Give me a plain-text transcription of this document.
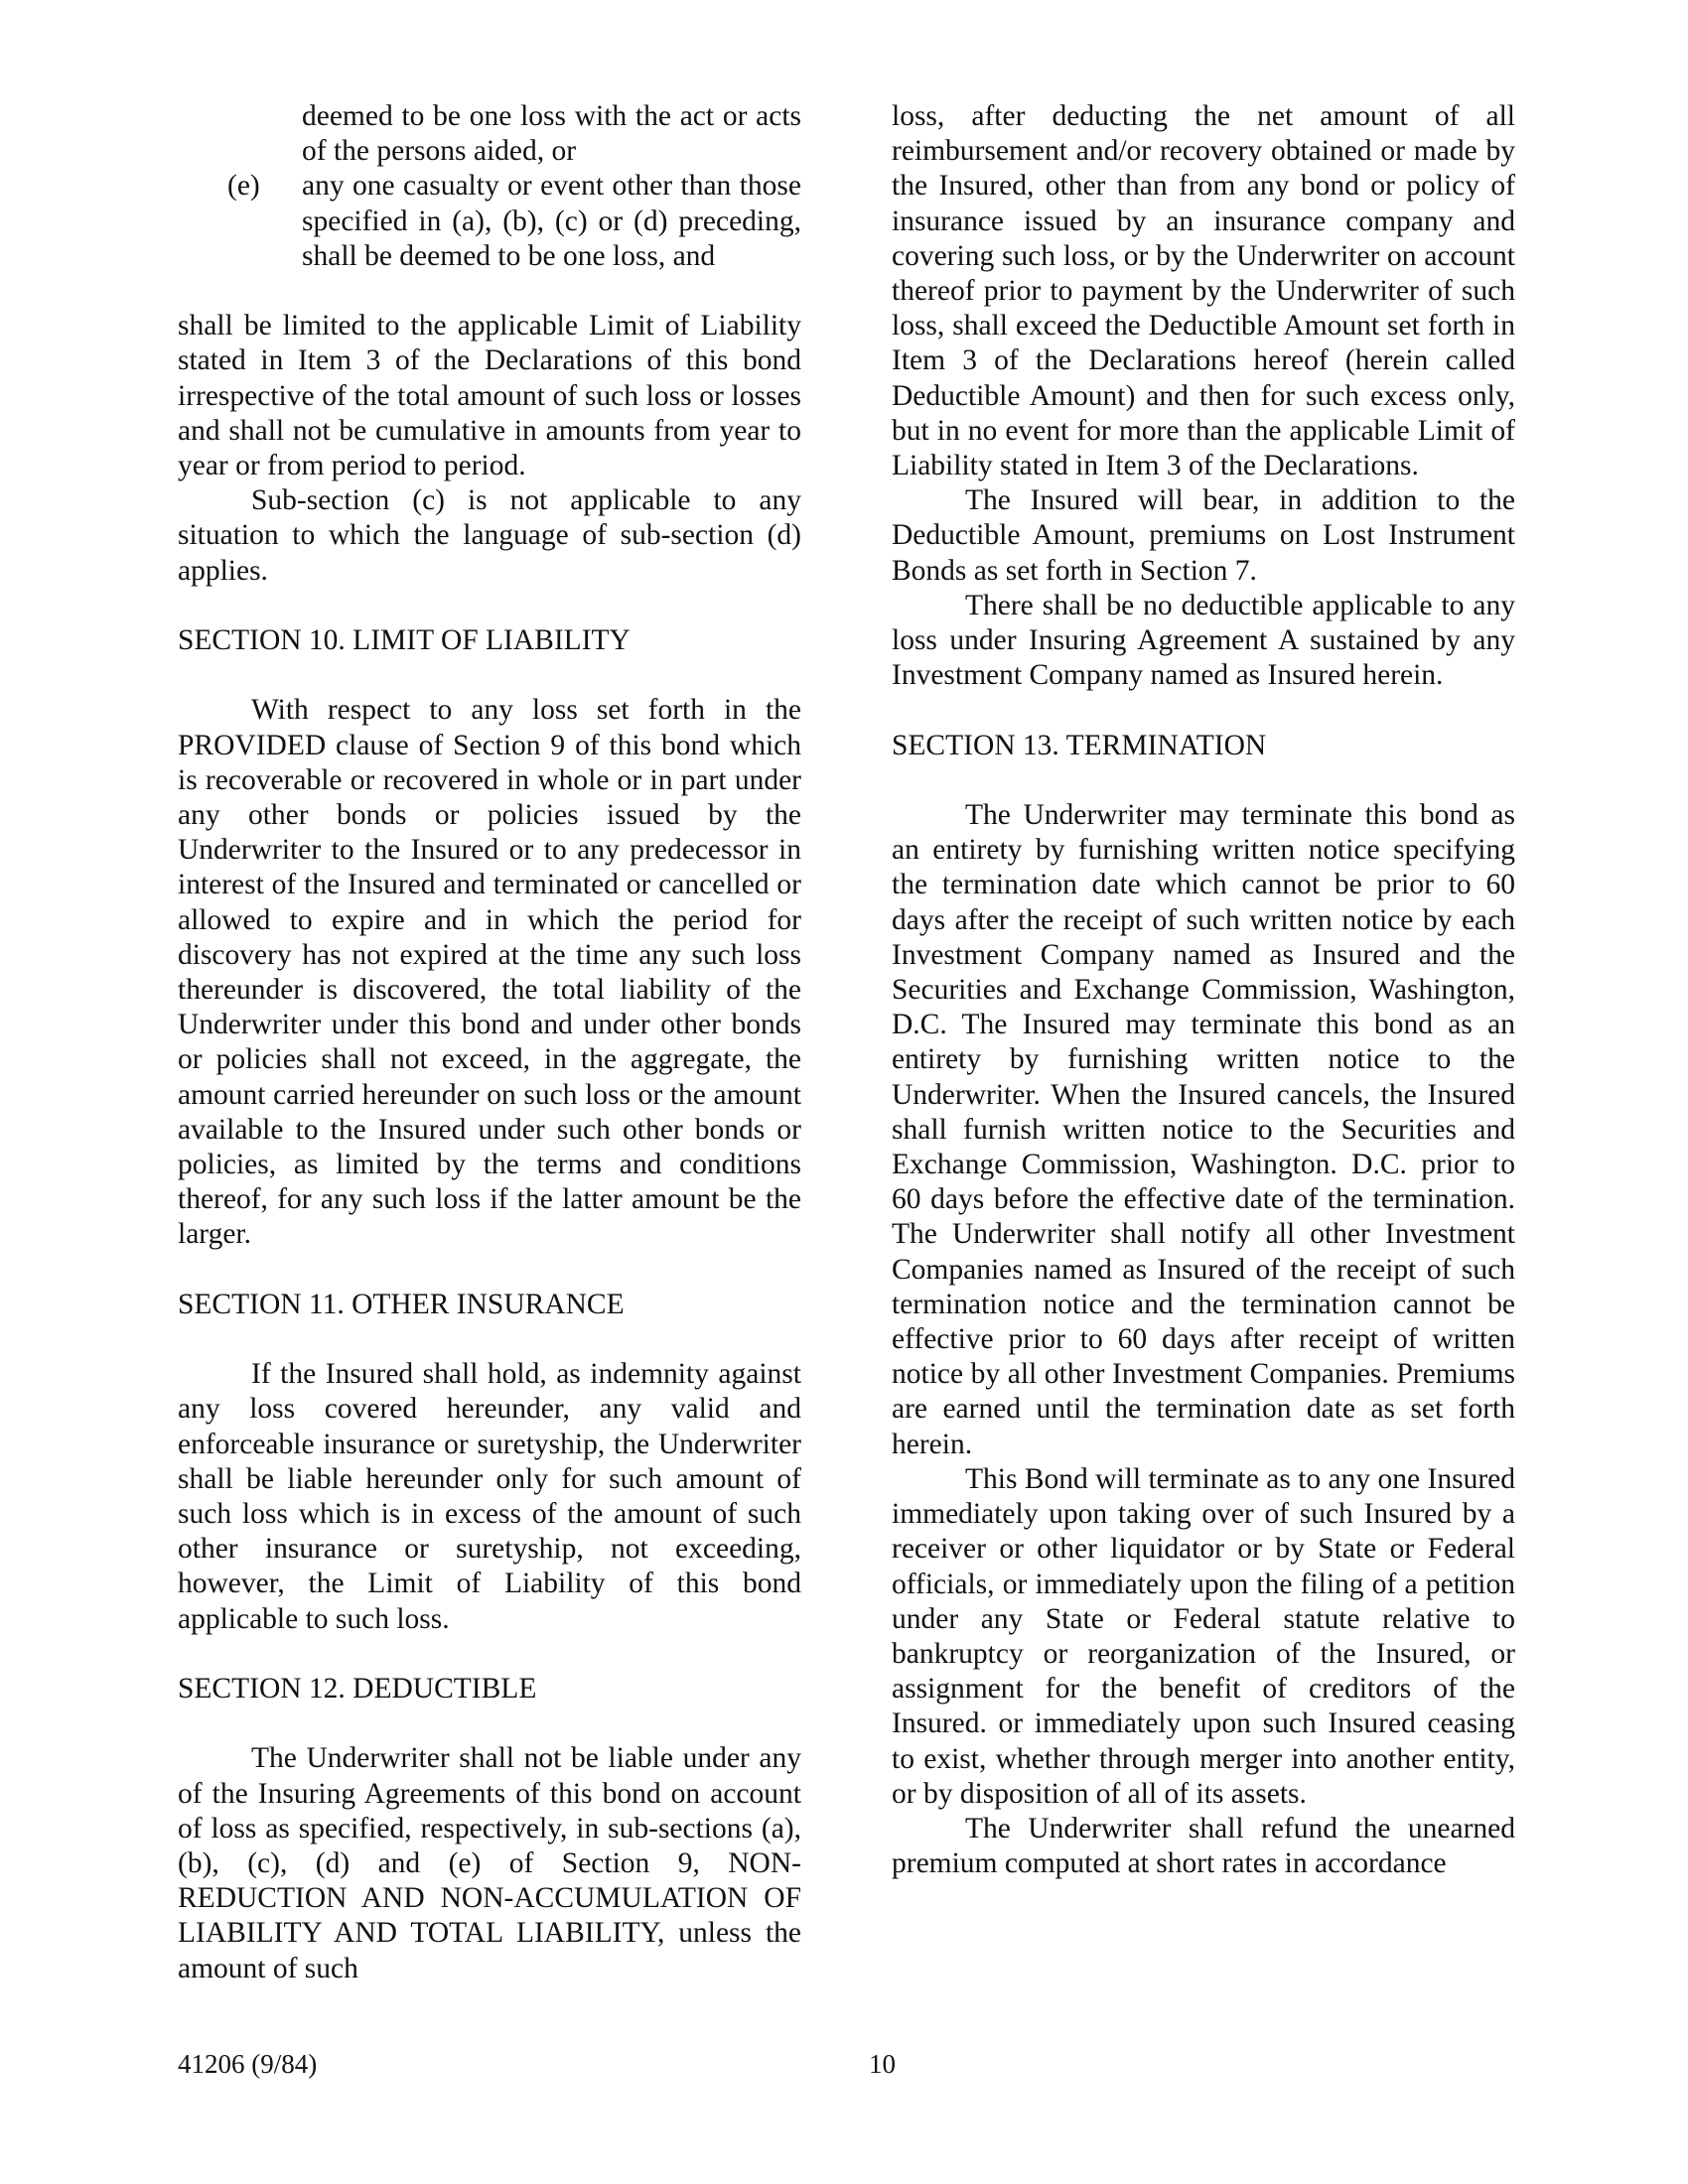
deemed to be one loss with the act or acts of the persons aided, or

(e)	any one casualty or event other than those specified in (a), (b), (c) or (d) preceding, shall be deemed to be one loss, and

shall be limited to the applicable Limit of Liability stated in Item 3 of the Declarations of this bond irrespective of the total amount of such loss or losses and shall not be cumulative in amounts from year to year or from period to period.

Sub-section (c) is not applicable to any situation to which the language of sub-section (d) applies.

SECTION 10. LIMIT OF LIABILITY

With respect to any loss set forth in the PROVIDED clause of Section 9 of this bond which is recoverable or recovered in whole or in part under any other bonds or policies issued by the Underwriter to the Insured or to any predecessor in interest of the Insured and terminated or cancelled or allowed to expire and in which the period for discovery has not expired at the time any such loss thereunder is discovered, the total liability of the Underwriter under this bond and under other bonds or policies shall not exceed, in the aggregate, the amount carried hereunder on such loss or the amount available to the Insured under such other bonds or policies, as limited by the terms and conditions thereof, for any such loss if the latter amount be the larger.

SECTION 11. OTHER INSURANCE

If the Insured shall hold, as indemnity against any loss covered hereunder, any valid and enforceable insurance or suretyship, the Underwriter shall be liable hereunder only for such amount of such loss which is in excess of the amount of such other insurance or suretyship, not exceeding, however, the Limit of Liability of this bond applicable to such loss.

SECTION 12. DEDUCTIBLE

The Underwriter shall not be liable under any of the Insuring Agreements of this bond on account of loss as specified, respectively, in sub-sections (a), (b), (c), (d) and (e) of Section 9, NON-REDUCTION AND NON-ACCUMULATION OF LIABILITY AND TOTAL LIABILITY, unless the amount of such

loss, after deducting the net amount of all reimbursement and/or recovery obtained or made by the Insured, other than from any bond or policy of insurance issued by an insurance company and covering such loss, or by the Underwriter on account thereof prior to payment by the Underwriter of such loss, shall exceed the Deductible Amount set forth in Item 3 of the Declarations hereof (herein called Deductible Amount) and then for such excess only, but in no event for more than the applicable Limit of Liability stated in Item 3 of the Declarations.

The Insured will bear, in addition to the Deductible Amount, premiums on Lost Instrument Bonds as set forth in Section 7.

There shall be no deductible applicable to any loss under Insuring Agreement A sustained by any Investment Company named as Insured herein.

SECTION 13. TERMINATION

The Underwriter may terminate this bond as an entirety by furnishing written notice specifying the termination date which cannot be prior to 60 days after the receipt of such written notice by each Investment Company named as Insured and the Securities and Exchange Commission, Washington, D.C. The Insured may terminate this bond as an entirety by furnishing written notice to the Underwriter. When the Insured cancels, the Insured shall furnish written notice to the Securities and Exchange Commission, Washington. D.C. prior to 60 days before the effective date of the termination. The Underwriter shall notify all other Investment Companies named as Insured of the receipt of such termination notice and the termination cannot be effective prior to 60 days after receipt of written notice by all other Investment Companies. Premiums are earned until the termination date as set forth herein.

This Bond will terminate as to any one Insured immediately upon taking over of such Insured by a receiver or other liquidator or by State or Federal officials, or immediately upon the filing of a petition under any State or Federal statute relative to bankruptcy or reorganization of the Insured, or assignment for the benefit of creditors of the Insured. or immediately upon such Insured ceasing to exist, whether through merger into another entity, or by disposition of all of its assets.

The Underwriter shall refund the unearned premium computed at short rates in accordance

41206 (9/84)	10
